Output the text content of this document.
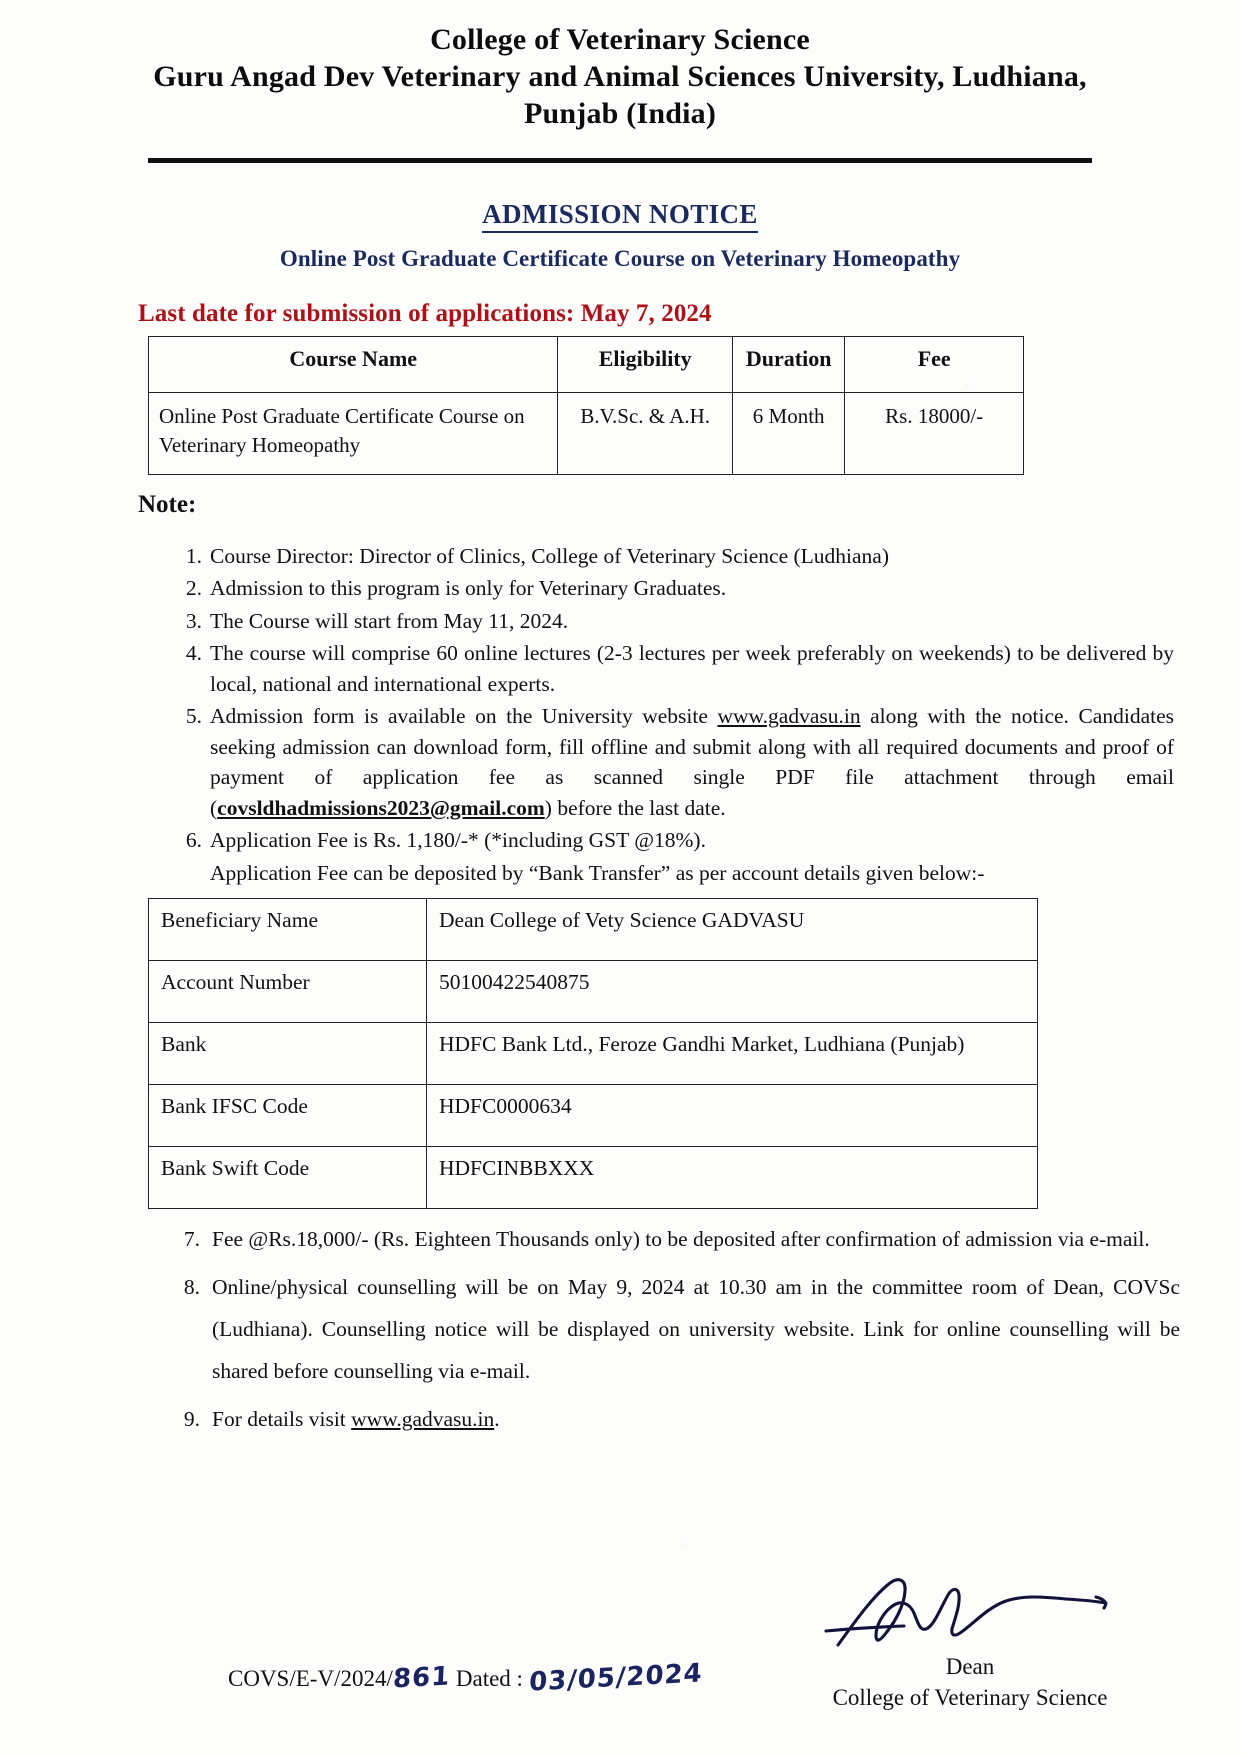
College of Veterinary Science
Guru Angad Dev Veterinary and Animal Sciences University, Ludhiana,
Punjab (India)
ADMISSION NOTICE
Online Post Graduate Certificate Course on Veterinary Homeopathy
Last date for submission of applications: May 7, 2024
Course Name	Eligibility	Duration	Fee
Online Post Graduate Certificate Course on Veterinary Homeopathy	B.V.Sc. & A.H.	6 Month	Rs. 18000/-
Note:
1. Course Director: Director of Clinics, College of Veterinary Science (Ludhiana)
2. Admission to this program is only for Veterinary Graduates.
3. The Course will start from May 11, 2024.
4. The course will comprise 60 online lectures (2-3 lectures per week preferably on weekends) to be delivered by local, national and international experts.
5. Admission form is available on the University website www.gadvasu.in along with the notice. Candidates seeking admission can download form, fill offline and submit along with all required documents and proof of payment of application fee as scanned single PDF file attachment through email (covsldhadmissions2023@gmail.com) before the last date.
6. Application Fee is Rs. 1,180/-* (*including GST @18%).
Application Fee can be deposited by “Bank Transfer” as per account details given below:-
Beneficiary Name	Dean College of Vety Science GADVASU
Account Number	50100422540875
Bank	HDFC Bank Ltd., Feroze Gandhi Market, Ludhiana (Punjab)
Bank IFSC Code	HDFC0000634
Bank Swift Code	HDFCINBBXXX
7. Fee @Rs.18,000/- (Rs. Eighteen Thousands only) to be deposited after confirmation of admission via e-mail.
8. Online/physical counselling will be on May 9, 2024 at 10.30 am in the committee room of Dean, COVSc (Ludhiana). Counselling notice will be displayed on university website. Link for online counselling will be shared before counselling via e-mail.
9. For details visit www.gadvasu.in.
COVS/E-V/2024/861 Dated : 03/05/2024	Dean
College of Veterinary Science
